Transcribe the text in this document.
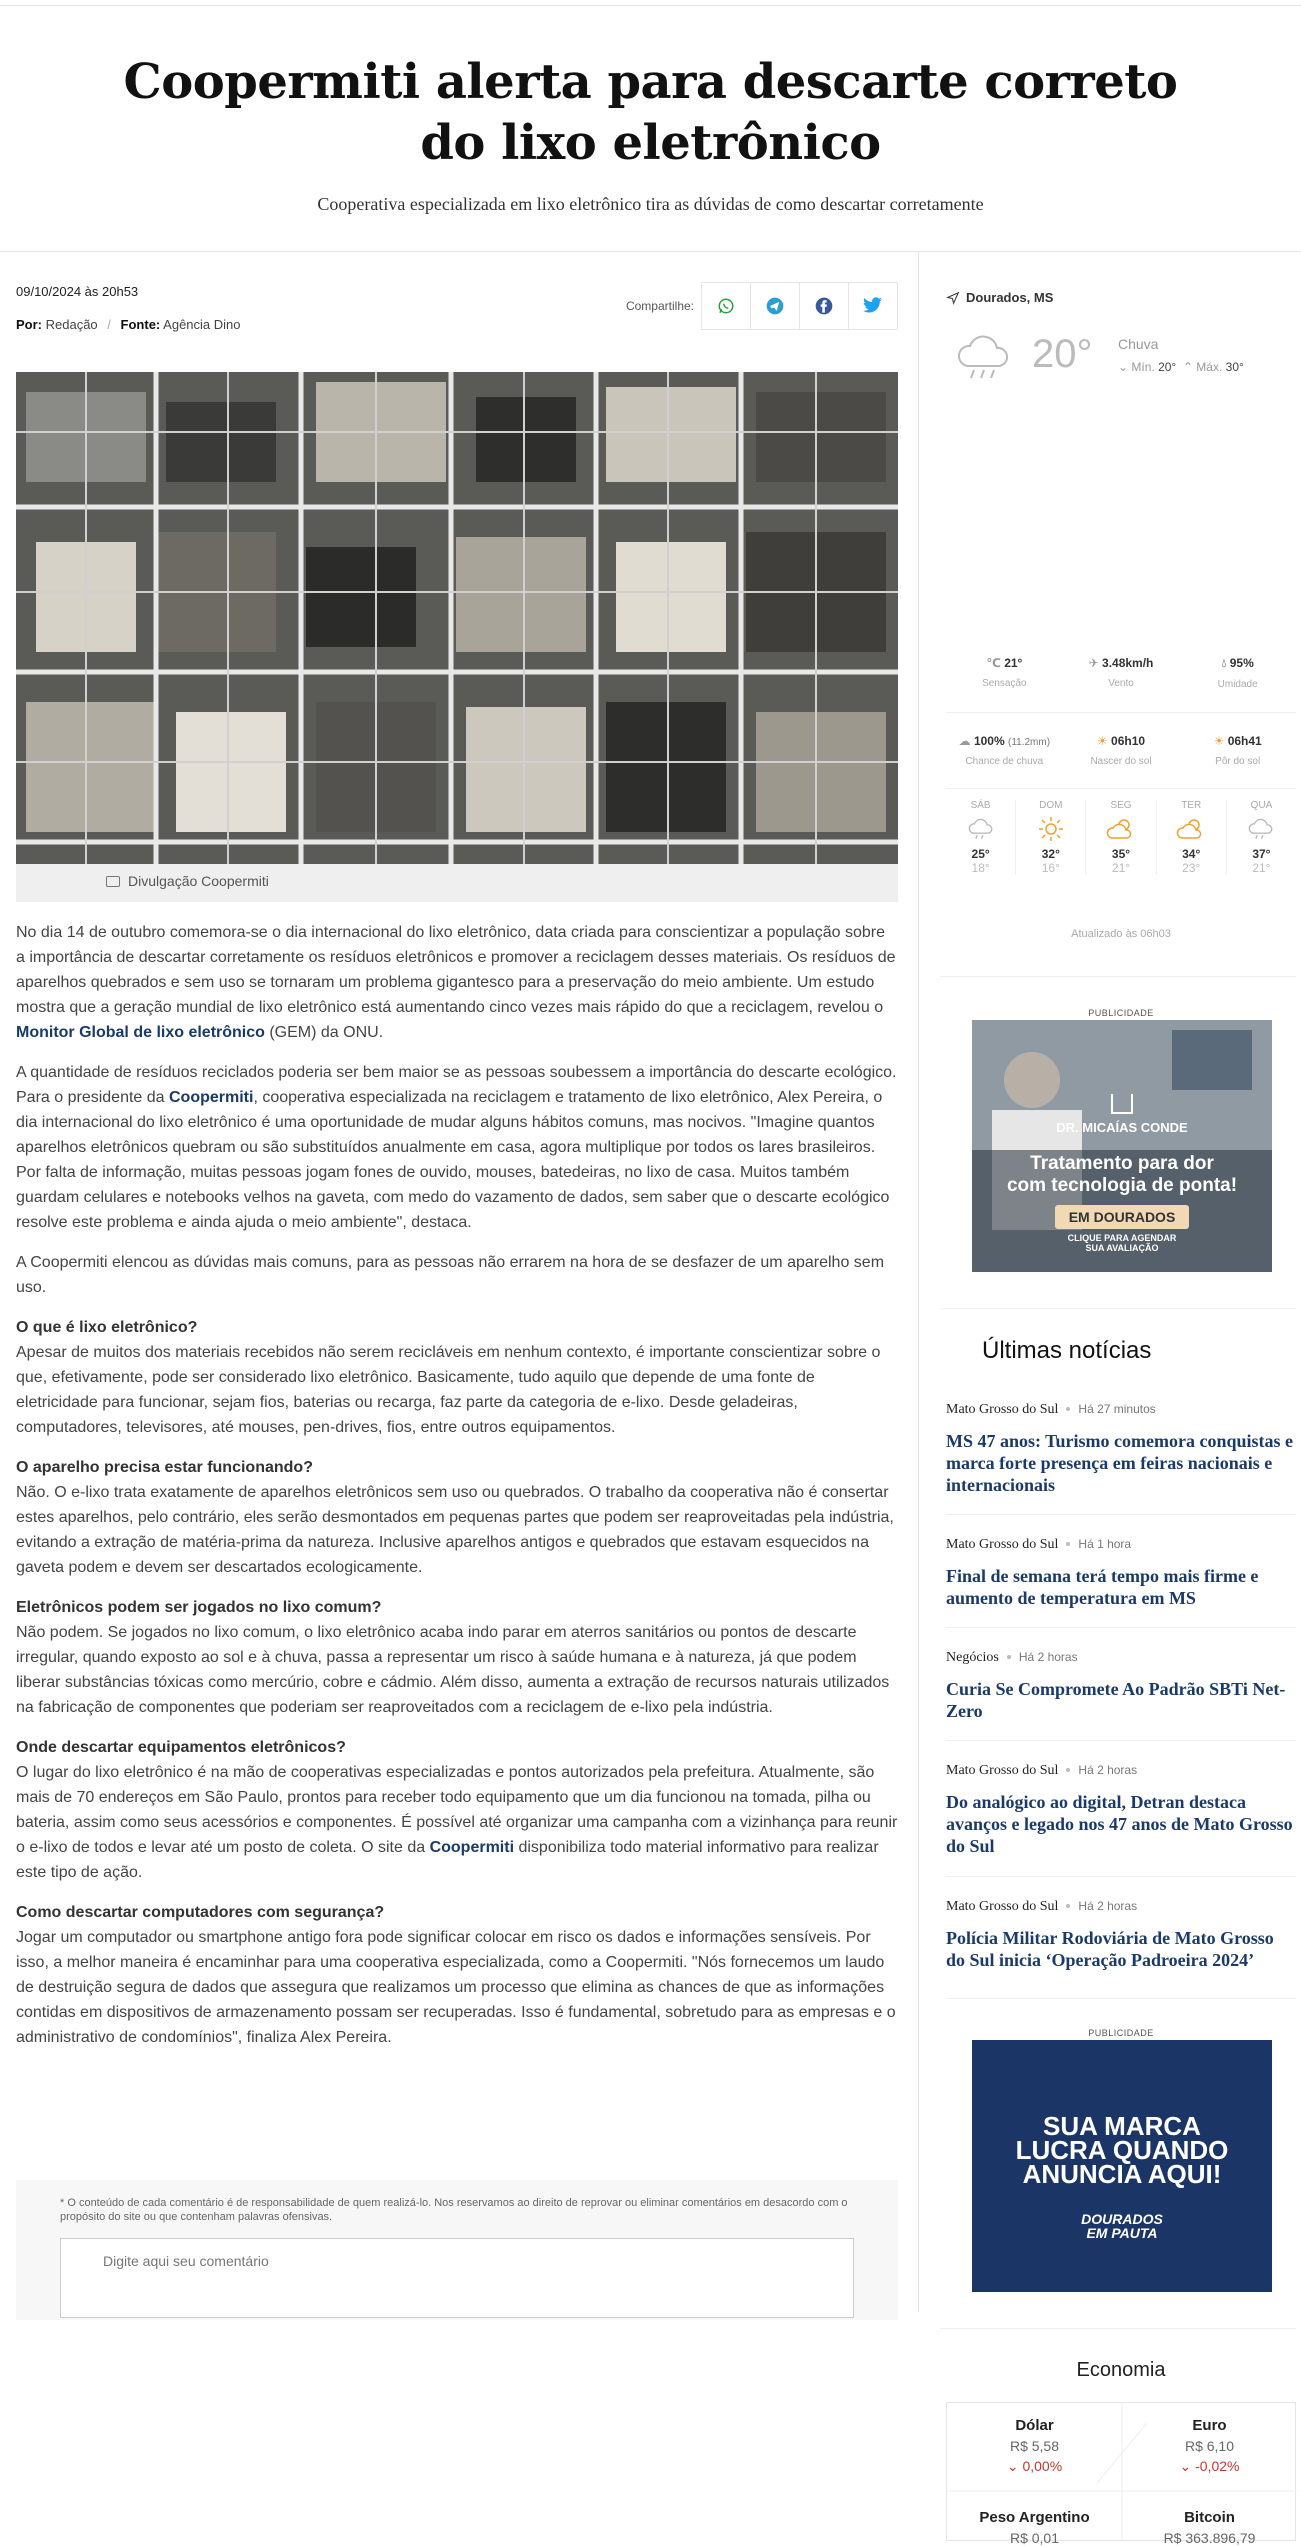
Coopermiti alerta para descarte correto do lixo eletrônico

Cooperativa especializada em lixo eletrônico tira as dúvidas de como descartar corretamente

09/10/2024 às 20h53
Por: Redação / Fonte: Agência Dino
Compartilhe:
Divulgação Coopermiti

No dia 14 de outubro comemora-se o dia internacional do lixo eletrônico, data criada para conscientizar a população sobre a importância de descartar corretamente os resíduos eletrônicos e promover a reciclagem desses materiais. Os resíduos de aparelhos quebrados e sem uso se tornaram um problema gigantesco para a preservação do meio ambiente. Um estudo mostra que a geração mundial de lixo eletrônico está aumentando cinco vezes mais rápido do que a reciclagem, revelou o Monitor Global de lixo eletrônico (GEM) da ONU.

A quantidade de resíduos reciclados poderia ser bem maior se as pessoas soubessem a importância do descarte ecológico. Para o presidente da Coopermiti, cooperativa especializada na reciclagem e tratamento de lixo eletrônico, Alex Pereira, o dia internacional do lixo eletrônico é uma oportunidade de mudar alguns hábitos comuns, mas nocivos. "Imagine quantos aparelhos eletrônicos quebram ou são substituídos anualmente em casa, agora multiplique por todos os lares brasileiros. Por falta de informação, muitas pessoas jogam fones de ouvido, mouses, batedeiras, no lixo de casa. Muitos também guardam celulares e notebooks velhos na gaveta, com medo do vazamento de dados, sem saber que o descarte ecológico resolve este problema e ainda ajuda o meio ambiente", destaca.

A Coopermiti elencou as dúvidas mais comuns, para as pessoas não errarem na hora de se desfazer de um aparelho sem uso.

O que é lixo eletrônico?
Apesar de muitos dos materiais recebidos não serem recicláveis em nenhum contexto, é importante conscientizar sobre o que, efetivamente, pode ser considerado lixo eletrônico. Basicamente, tudo aquilo que depende de uma fonte de eletricidade para funcionar, sejam fios, baterias ou recarga, faz parte da categoria de e-lixo. Desde geladeiras, computadores, televisores, até mouses, pen-drives, fios, entre outros equipamentos.

O aparelho precisa estar funcionando?
Não. O e-lixo trata exatamente de aparelhos eletrônicos sem uso ou quebrados. O trabalho da cooperativa não é consertar estes aparelhos, pelo contrário, eles serão desmontados em pequenas partes que podem ser reaproveitadas pela indústria, evitando a extração de matéria-prima da natureza. Inclusive aparelhos antigos e quebrados que estavam esquecidos na gaveta podem e devem ser descartados ecologicamente.

Eletrônicos podem ser jogados no lixo comum?
Não podem. Se jogados no lixo comum, o lixo eletrônico acaba indo parar em aterros sanitários ou pontos de descarte irregular, quando exposto ao sol e à chuva, passa a representar um risco à saúde humana e à natureza, já que podem liberar substâncias tóxicas como mercúrio, cobre e cádmio. Além disso, aumenta a extração de recursos naturais utilizados na fabricação de componentes que poderiam ser reaproveitados com a reciclagem de e-lixo pela indústria.

Onde descartar equipamentos eletrônicos?
O lugar do lixo eletrônico é na mão de cooperativas especializadas e pontos autorizados pela prefeitura. Atualmente, são mais de 70 endereços em São Paulo, prontos para receber todo equipamento que um dia funcionou na tomada, pilha ou bateria, assim como seus acessórios e componentes. É possível até organizar uma campanha com a vizinhança para reunir o e-lixo de todos e levar até um posto de coleta. O site da Coopermiti disponibiliza todo material informativo para realizar este tipo de ação.

Como descartar computadores com segurança?
Jogar um computador ou smartphone antigo fora pode significar colocar em risco os dados e informações sensíveis. Por isso, a melhor maneira é encaminhar para uma cooperativa especializada, como a Coopermiti. "Nós fornecemos um laudo de destruição segura de dados que assegura que realizamos um processo que elimina as chances de que as informações contidas em dispositivos de armazenamento possam ser recuperadas. Isso é fundamental, sobretudo para as empresas e o administrativo de condomínios", finaliza Alex Pereira.

* O conteúdo de cada comentário é de responsabilidade de quem realizá-lo. Nos reservamos ao direito de reprovar ou eliminar comentários em desacordo com o propósito do site ou que contenham palavras ofensivas.
Digite aqui seu comentário
Dourados, MS
20° Chuva
⌄ Mín. 20°  ⌃ Máx. 30°
℃ 21°
Sensação
✈ 3.48km/h
Vento
💧︎ 95%
Umidade
☁ 100% (11.2mm)
Chance de chuva
☀ 06h10
Nascer do sol
☀ 06h41
Pôr do sol
SÁB
25°
18°
DOM
32°
16°
SEG
35°
21°
TER
34°
23°
QUA
37°
21°
Atualizado às 06h03
PUBLICIDADE
DR. MICAÍAS CONDE
Tratamento para dor
com tecnologia de ponta!
EM DOURADOS
CLIQUE PARA AGENDAR SUA AVALIAÇÃO
Últimas notícias
Mato Grosso do Sul Há 27 minutos
MS 47 anos: Turismo comemora conquistas e marca forte presença em feiras nacionais e internacionais
Mato Grosso do Sul Há 1 hora
Final de semana terá tempo mais firme e aumento de temperatura em MS
Negócios Há 2 horas
Curia Se Compromete Ao Padrão SBTi Net-Zero
Mato Grosso do Sul Há 2 horas
Do analógico ao digital, Detran destaca avanços e legado nos 47 anos de Mato Grosso do Sul
Mato Grosso do Sul Há 2 horas
Polícia Militar Rodoviária de Mato Grosso do Sul inicia ‘Operação Padroeira 2024’
PUBLICIDADE
SUA MARCA
LUCRA QUANDO
ANUNCIA AQUI!
DOURADOS
EM PAUTA
Economia
Dólar
R$ 5,58
⌄ 0,00%
Euro
R$ 6,10
⌄ -0,02%
Peso Argentino
R$ 0,01
Bitcoin
R$ 363.896,79
